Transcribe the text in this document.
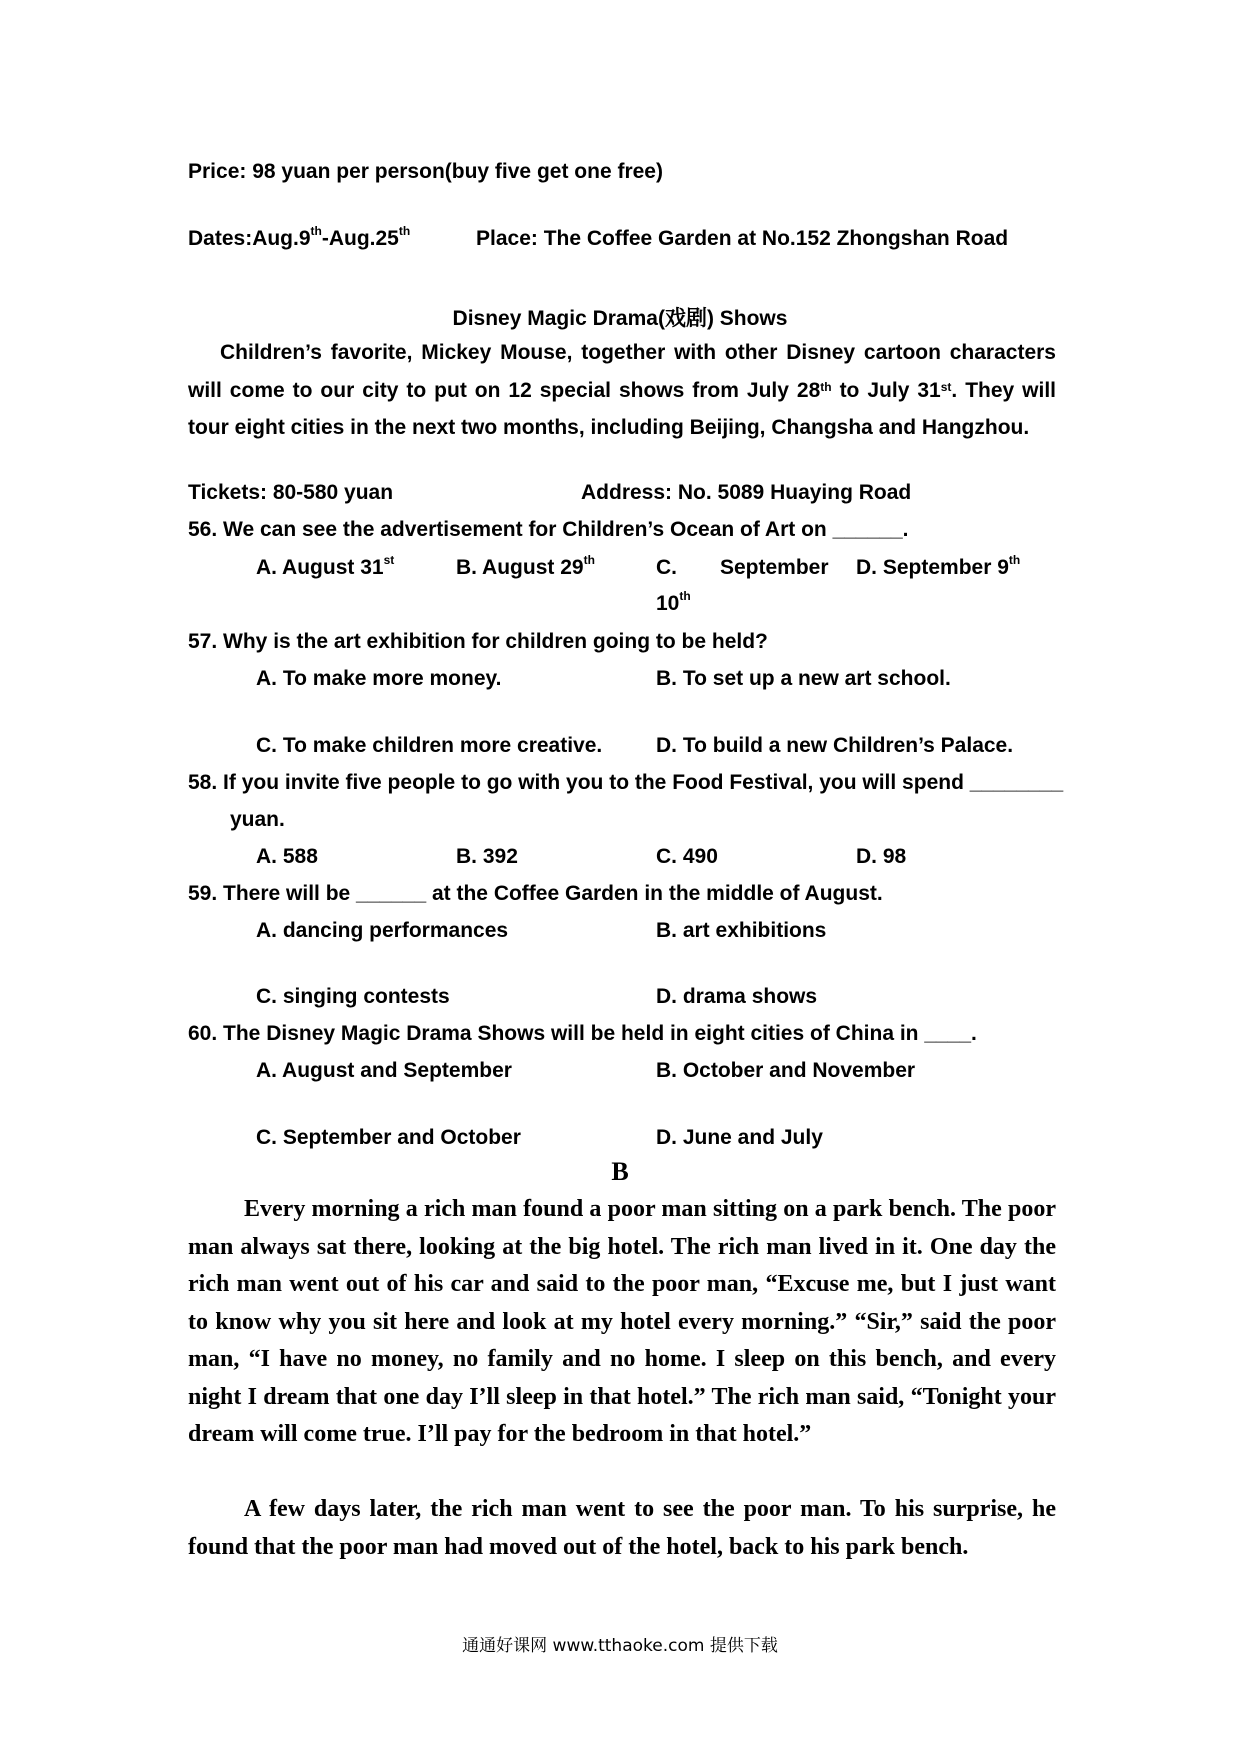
Price: 98 yuan per person(buy five get one free)
Dates:Aug.9th-Aug.25th	Place: The Coffee Garden at No.152 Zhongshan Road
Disney Magic Drama(戏剧) Shows
Children’s favorite, Mickey Mouse, together with other Disney cartoon characters will come to our city to put on 12 special shows from July 28th to July 31st. They will tour eight cities in the next two months, including Beijing, Changsha and Hangzhou.
Tickets: 80-580 yuan	Address: No. 5089 Huaying Road
56. We can see the advertisement for Children’s Ocean of Art on ______.
A. August 31st	B. August 29th	C. September
10th
D. September 9th
57. Why is the art exhibition for children going to be held?
A. To make more money.	B. To set up a new art school.
C. To make children more creative.	D. To build a new Children’s Palace.
58. If you invite five people to go with you to the Food Festival, you will spend ________
yuan.
A. 588	B. 392	C. 490	D. 98
59. There will be ______ at the Coffee Garden in the middle of August.
A. dancing performances	B. art exhibitions
C. singing contests	D. drama shows
60. The Disney Magic Drama Shows will be held in eight cities of China in ____.
A. August and September	B. October and November
C. September and October	D. June and July
B
Every morning a rich man found a poor man sitting on a park bench. The poor man always sat there, looking at the big hotel. The rich man lived in it. One day the rich man went out of his car and said to the poor man, “Excuse me, but I just want to know why you sit here and look at my hotel every morning.” “Sir,” said the poor man, “I have no money, no family and no home. I sleep on this bench, and every night I dream that one day I’ll sleep in that hotel.” The rich man said, “Tonight your dream will come true. I’ll pay for the bedroom in that hotel.”
A few days later, the rich man went to see the poor man. To his surprise, he found that the poor man had moved out of the hotel, back to his park bench.
通通好课网 www.tthaoke.com 提供下载
